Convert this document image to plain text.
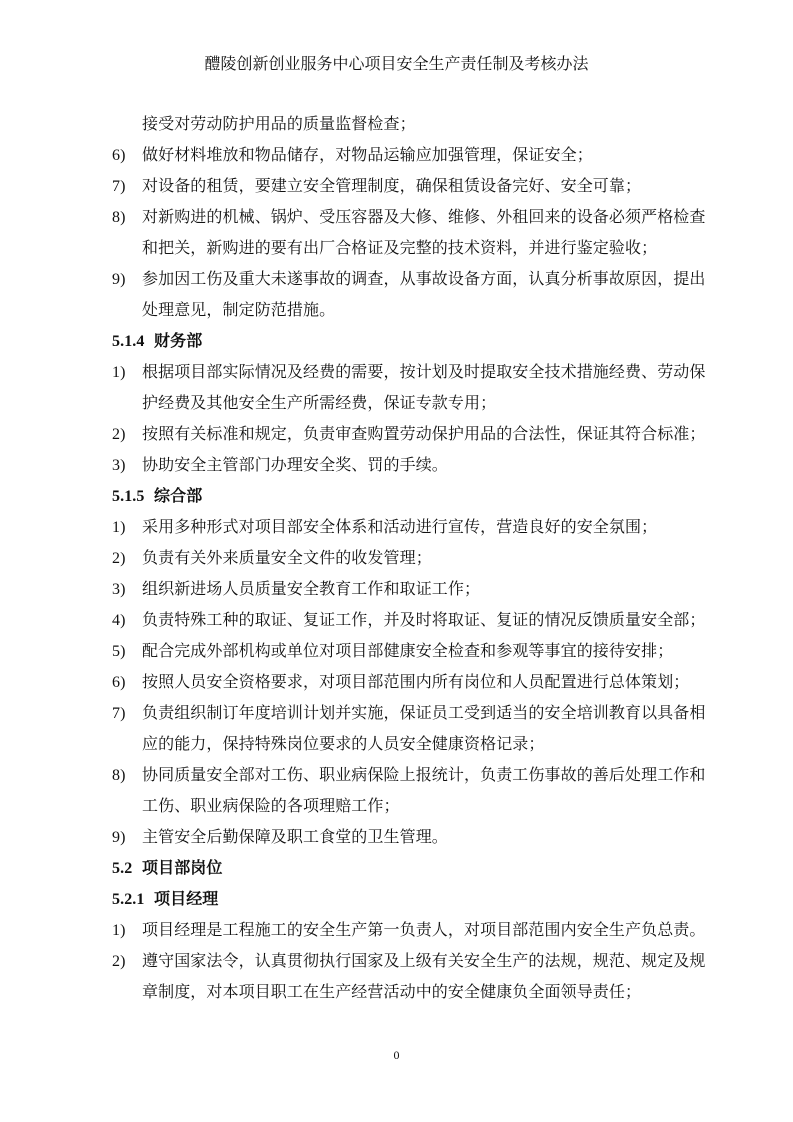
醴陵创新创业服务中心项目安全生产责任制及考核办法
接受对劳动防护用品的质量监督检查；
6) 做好材料堆放和物品储存，对物品运输应加强管理，保证安全；
7) 对设备的租赁，要建立安全管理制度，确保租赁设备完好、安全可靠；
8) 对新购进的机械、锅炉、受压容器及大修、维修、外租回来的设备必须严格检查
和把关，新购进的要有出厂合格证及完整的技术资料，并进行鉴定验收；
9) 参加因工伤及重大未遂事故的调查，从事故设备方面，认真分析事故原因，提出
处理意见，制定防范措施。
5.1.4 财务部
1) 根据项目部实际情况及经费的需要，按计划及时提取安全技术措施经费、劳动保
护经费及其他安全生产所需经费，保证专款专用；
2) 按照有关标准和规定，负责审查购置劳动保护用品的合法性，保证其符合标准；
3) 协助安全主管部门办理安全奖、罚的手续。
5.1.5 综合部
1) 采用多种形式对项目部安全体系和活动进行宣传，营造良好的安全氛围；
2) 负责有关外来质量安全文件的收发管理；
3) 组织新进场人员质量安全教育工作和取证工作；
4) 负责特殊工种的取证、复证工作，并及时将取证、复证的情况反馈质量安全部；
5) 配合完成外部机构或单位对项目部健康安全检查和参观等事宜的接待安排；
6) 按照人员安全资格要求，对项目部范围内所有岗位和人员配置进行总体策划；
7) 负责组织制订年度培训计划并实施，保证员工受到适当的安全培训教育以具备相
应的能力，保持特殊岗位要求的人员安全健康资格记录；
8) 协同质量安全部对工伤、职业病保险上报统计，负责工伤事故的善后处理工作和
工伤、职业病保险的各项理赔工作；
9) 主管安全后勤保障及职工食堂的卫生管理。
5.2 项目部岗位
5.2.1 项目经理
1) 项目经理是工程施工的安全生产第一负责人，对项目部范围内安全生产负总责。
2) 遵守国家法令，认真贯彻执行国家及上级有关安全生产的法规，规范、规定及规
章制度，对本项目职工在生产经营活动中的安全健康负全面领导责任；
0
